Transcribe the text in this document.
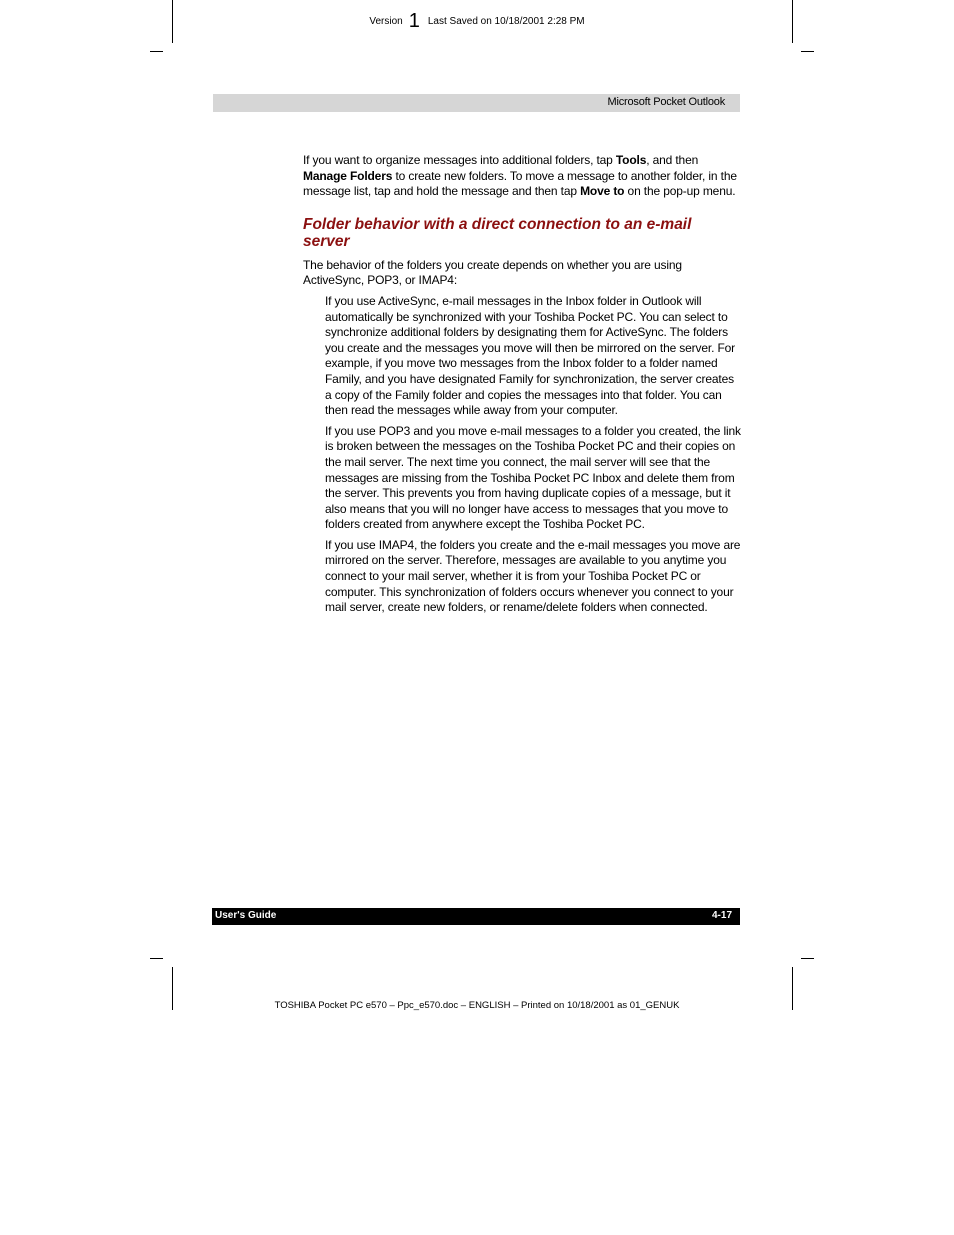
Version 1 Last Saved on 10/18/2001 2:28 PM
Microsoft Pocket Outlook

If you want to organize messages into additional folders, tap Tools, and then Manage Folders to create new folders. To move a message to another folder, in the message list, tap and hold the message and then tap Move to on the pop-up menu.

Folder behavior with a direct connection to an e-mail server

The behavior of the folders you create depends on whether you are using ActiveSync, POP3, or IMAP4:

If you use ActiveSync, e-mail messages in the Inbox folder in Outlook will automatically be synchronized with your Toshiba Pocket PC. You can select to synchronize additional folders by designating them for ActiveSync. The folders you create and the messages you move will then be mirrored on the server. For example, if you move two messages from the Inbox folder to a folder named Family, and you have designated Family for synchronization, the server creates a copy of the Family folder and copies the messages into that folder. You can then read the messages while away from your computer.

If you use POP3 and you move e-mail messages to a folder you created, the link is broken between the messages on the Toshiba Pocket PC and their copies on the mail server. The next time you connect, the mail server will see that the messages are missing from the Toshiba Pocket PC Inbox and delete them from the server. This prevents you from having duplicate copies of a message, but it also means that you will no longer have access to messages that you move to folders created from anywhere except the Toshiba Pocket PC.

If you use IMAP4, the folders you create and the e-mail messages you move are mirrored on the server. Therefore, messages are available to you anytime you connect to your mail server, whether it is from your Toshiba Pocket PC or computer. This synchronization of folders occurs whenever you connect to your mail server, create new folders, or rename/delete folders when connected.

User's Guide	4-17
TOSHIBA Pocket PC e570 – Ppc_e570.doc – ENGLISH – Printed on 10/18/2001 as 01_GENUK
